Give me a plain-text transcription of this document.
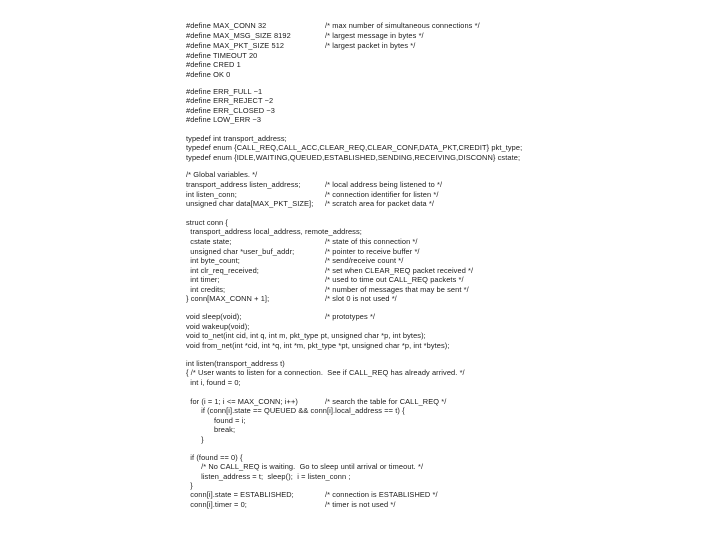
#define MAX_CONN 32	/* max number of simultaneous connections */
#define MAX_MSG_SIZE 8192	/* largest message in bytes */
#define MAX_PKT_SIZE 512	/* largest packet in bytes */
#define TIMEOUT 20
#define CRED 1
#define OK 0
#define ERR_FULL −1
#define ERR_REJECT −2
#define ERR_CLOSED −3
#define LOW_ERR −3
typedef int transport_address;
typedef enum {CALL_REQ,CALL_ACC,CLEAR_REQ,CLEAR_CONF,DATA_PKT,CREDIT} pkt_type;
typedef enum {IDLE,WAITING,QUEUED,ESTABLISHED,SENDING,RECEIVING,DISCONN} cstate;
/* Global variables. */
transport_address listen_address;	/* local address being listened to */
int listen_conn;	/* connection identifier for listen */
unsigned char data[MAX_PKT_SIZE]; /* scratch area for packet data */
struct conn {
transport_address local_address, remote_address;
cstate state;	/* state of this connection */
unsigned char *user_buf_addr;	/* pointer to receive buffer */
int byte_count;	/* send/receive count */
int clr_req_received;	/* set when CLEAR_REQ packet received */
int timer;	/* used to time out CALL_REQ packets */
int credits;	/* number of messages that may be sent */
} conn[MAX_CONN + 1];	/* slot 0 is not used */
void sleep(void);	/* prototypes */
void wakeup(void);
void to_net(int cid, int q, int m, pkt_type pt, unsigned char *p, int bytes);
void from_net(int *cid, int *q, int *m, pkt_type *pt, unsigned char *p, int *bytes);
int listen(transport_address t)
{ /* User wants to listen for a connection.  See if CALL_REQ has already arrived. */
int i, found = 0;
for (i = 1; i <= MAX_CONN; i++)	/* search the table for CALL_REQ */
if (conn[i].state == QUEUED && conn[i].local_address == t) {
found = i;
break;
}
if (found == 0) {
/* No CALL_REQ is waiting.  Go to sleep until arrival or timeout. */
listen_address = t;  sleep();  i = listen_conn ;
}
conn[i].state = ESTABLISHED;	/* connection is ESTABLISHED */
conn[i].timer = 0;	/* timer is not used */
